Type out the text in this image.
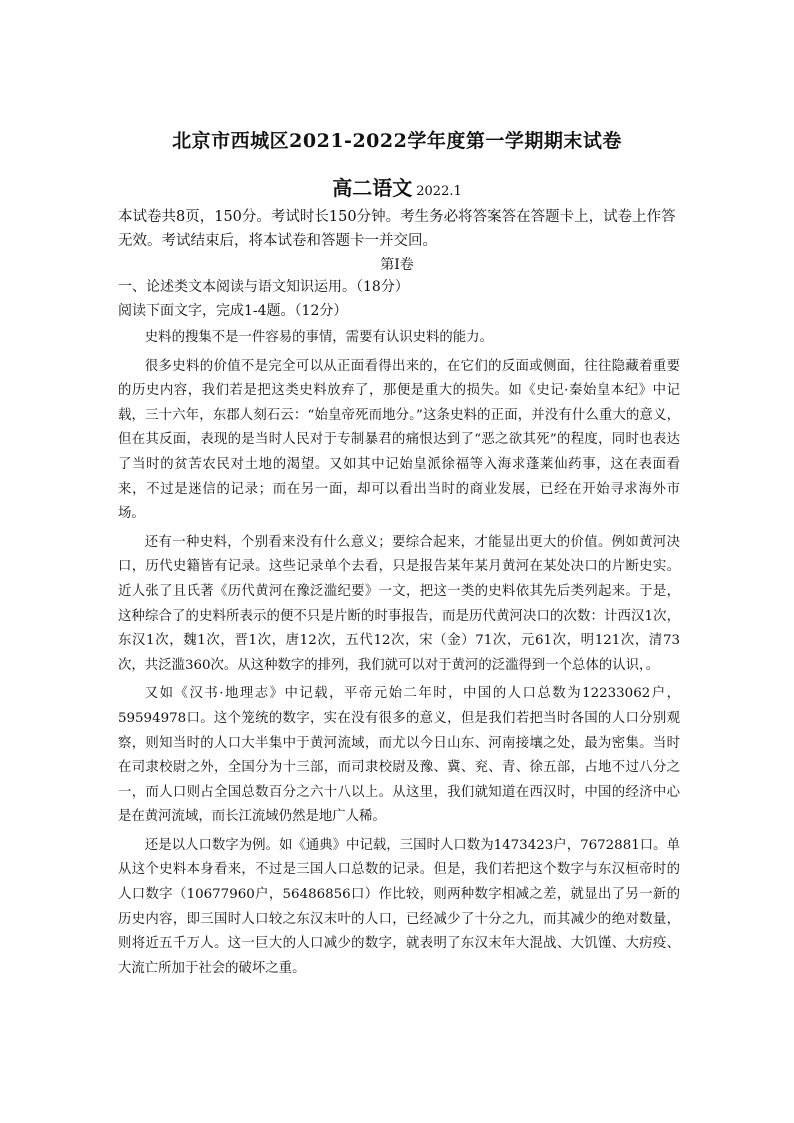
北京市西城区2021-2022学年度第一学期期末试卷
高二语文 2022.1
本试卷共8页，150分。考试时长150分钟。考生务必将答案答在答题卡上，试卷上作答无效。考试结束后，将本试卷和答题卡一并交回。
第Ⅰ卷
一、论述类文本阅读与语文知识运用。（18分）
阅读下面文字，完成1-4题。（12分）

史料的搜集不是一件容易的事情，需要有认识史料的能力。

很多史料的价值不是完全可以从正面看得出来的，在它们的反面或侧面，往往隐藏着重要的历史内容，我们若是把这类史料放弃了，那便是重大的损失。如《史记·秦始皇本纪》中记载，三十六年，东郡人刻石云：“始皇帝死而地分。”这条史料的正面，并没有什么重大的意义，但在其反面，表现的是当时人民对于专制暴君的痛恨达到了“恶之欲其死”的程度，同时也表达了当时的贫苦农民对土地的渴望。又如其中记始皇派徐福等入海求蓬莱仙药事，这在表面看来，不过是迷信的记录；而在另一面，却可以看出当时的商业发展，已经在开始寻求海外市场。

还有一种史料，个别看来没有什么意义；要综合起来，才能显出更大的价值。例如黄河决口，历代史籍皆有记录。这些记录单个去看，只是报告某年某月黄河在某处决口的片断史实。近人张了且氏著《历代黄河在豫泛滥纪要》一文，把这一类的史料依其先后类列起来。于是，这种综合了的史料所表示的便不只是片断的时事报告，而是历代黄河决口的次数：计西汉1次，东汉1次，魏1次，晋1次，唐12次，五代12次，宋（金）71次，元61次，明121次，清73次，共泛滥360次。从这种数字的排列，我们就可以对于黄河的泛滥得到一个总体的认识，。

又如《汉书·地理志》中记载，平帝元始二年时，中国的人口总数为12233062户，59594978口。这个笼统的数字，实在没有很多的意义，但是我们若把当时各国的人口分别观察，则知当时的人口大半集中于黄河流域，而尤以今日山东、河南接壤之处，最为密集。当时在司隶校尉之外，全国分为十三部，而司隶校尉及豫、冀、兖、青、徐五部，占地不过八分之一，而人口则占全国总数百分之六十八以上。从这里，我们就知道在西汉时，中国的经济中心是在黄河流域，而长江流域仍然是地广人稀。

还是以人口数字为例。如《通典》中记载，三国时人口数为1473423户，7672881口。单从这个史料本身看来，不过是三国人口总数的记录。但是，我们若把这个数字与东汉桓帝时的人口数字（10677960户，56486856口）作比较，则两种数字相减之差，就显出了另一新的历史内容，即三国时人口较之东汉末叶的人口，已经减少了十分之九，而其减少的绝对数量，则将近五千万人。这一巨大的人口减少的数字，就表明了东汉末年大混战、大饥馑、大疠疫、大流亡所加于社会的破坏之重。
